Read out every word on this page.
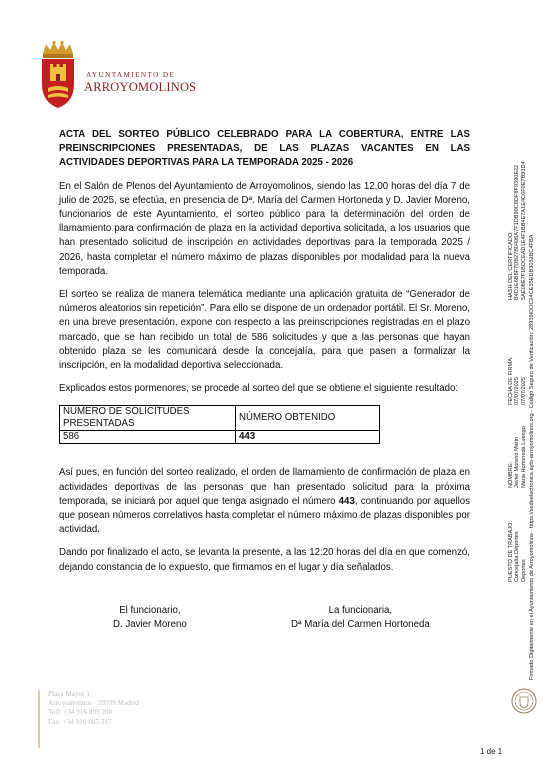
AYUNTAMIENTO DE
ARROYOMOLINOS

ACTA DEL SORTEO PÚBLICO CELEBRADO PARA LA COBERTURA, ENTRE LAS PREINSCRIPCIONES PRESENTADAS, DE LAS PLAZAS VACANTES EN LAS ACTIVIDADES DEPORTIVAS PARA LA TEMPORADA 2025 - 2026

En el Salón de Plenos del Ayuntamiento de Arroyomolinos, siendo las 12,00 horas del día 7 de julio de 2025, se efectúa, en presencia de Dª. María del Carmen Hortoneda y D. Javier Moreno, funcionarios de este Ayuntamiento, el sorteo público para la determinación del orden de llamamiento para confirmación de plaza en la actividad deportiva solicitada, a los usuarios que han presentado solicitud de inscripción en actividades deportivas para la temporada 2025 / 2026, hasta completar el número máximo de plazas disponibles por modalidad para la nueva temporada.

El sorteo se realiza de manera telemática mediante una aplicación gratuita de “Generador de números aleatorios sin repetición”. Para ello se dispone de un ordenador portátil. El Sr. Moreno, en una breve presentación, expone con respecto a las preinscripciones registradas en el plazo marcado, que se han recibido un total de 586 solicitudes y que a las personas que hayan obtenido plaza se les comunicará desde la concejalía, para que pasen a formalizar la inscripción, en la modalidad deportiva seleccionada.

Explicados estos pormenores, se procede al sorteo del que se obtiene el siguiente resultado:

NÚMERO DE SOLICITUDES PRESENTADAS	NÚMERO OBTENIDO
586	443

Así pues, en función del sorteo realizado, el orden de llamamiento de confirmación de plaza en actividades deportivas de las personas que han presentado solicitud para la próxima temporada, se iniciará por aquel que tenga asignado el número 443, continuando por aquellos que posean números correlativos hasta completar el número máximo de plazas disponibles por actividad.

Dando por finalizado el acto, se levanta la presente, a las 12:20 horas del día en que comenzó, dejando constancia de lo expuesto, que firmamos en el lugar y día señalados.

El funcionario,
D. Javier Moreno
La funcionaria,
Dª María del Carmen Hortoneda
Plaza Mayor 1
Arroyomolinos · 28939 Madrid
Telf: +34 916 899 200
Fax: +34 916 095 317
1 de 1
HASH DEL CERTIFICADO: B4D1E6B8F7DB27B0496A7F1DB99C8DF8F9390E22 5AE08E7F1BDCEAD1E4F1BB4E7A1E4C6F0E7B93D4
FECHA DE FIRMA: 07/07/2025 07/07/2025
NOMBRE: Javier Moreno Marin Maria Hortoneda Luengo
PUESTO DE TRABAJO: Concejalía Deportes Deportes Firmado Digitalmente en el Ayuntamiento de Arroyomolinos - https://sedeelectronica.ayto-arroyomolinos.org - Código Seguro de Verificación: 28939IDOC24CE35EDB3032BC4FBA
